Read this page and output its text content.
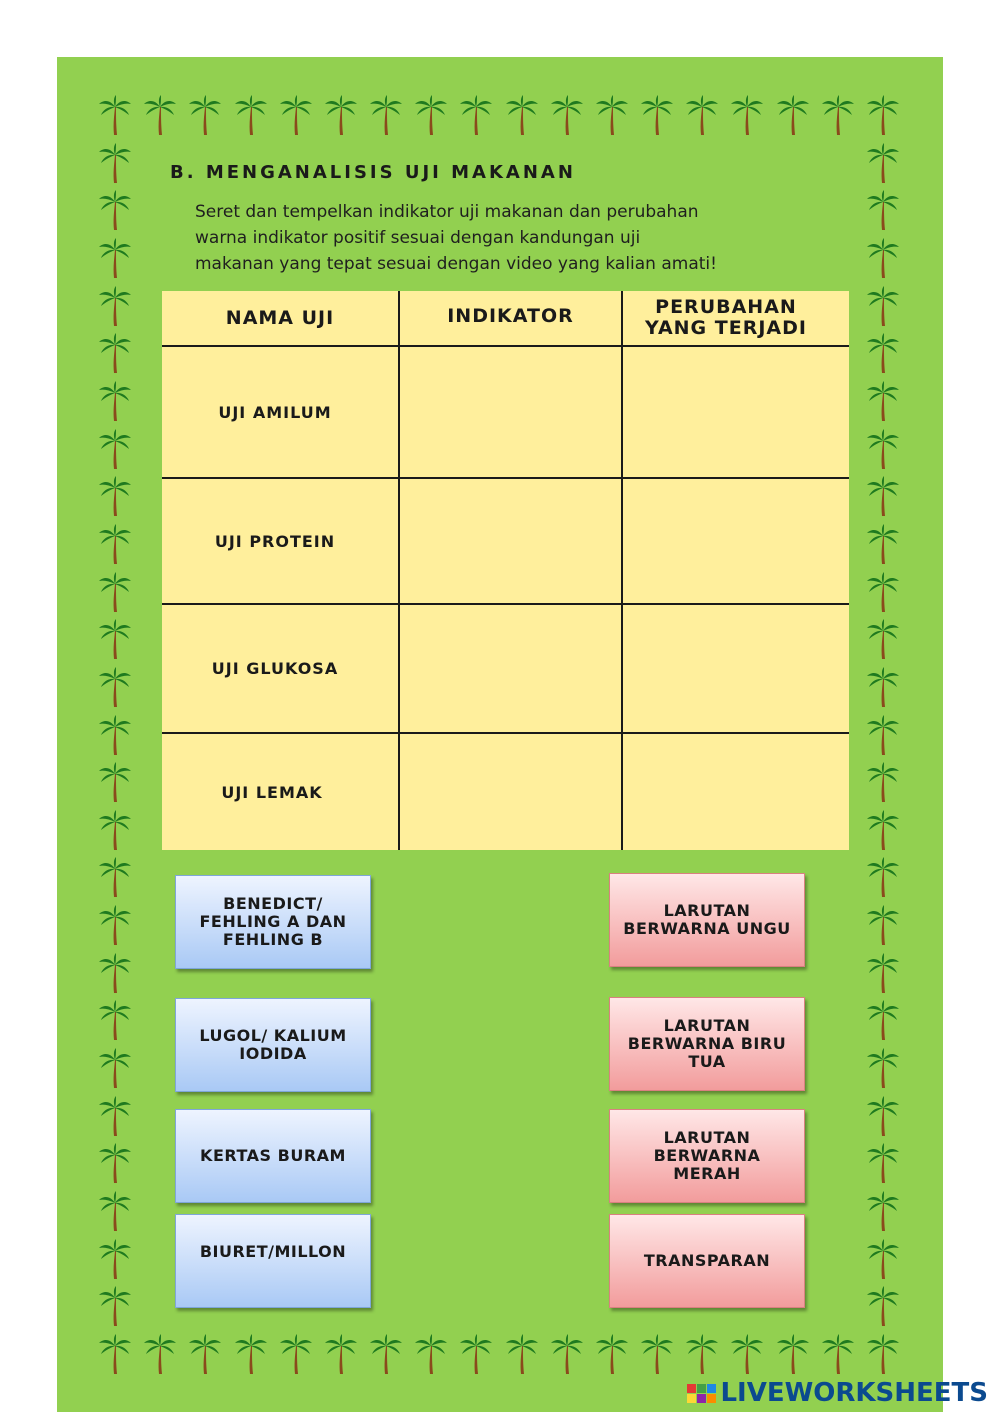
B. MENGANALISIS UJI MAKANAN
Seret dan tempelkan indikator uji makanan dan perubahan
warna indikator positif sesuai dengan kandungan uji
makanan yang tepat sesuai dengan video yang kalian amati!
NAMA UJI	INDIKATOR	PERUBAHAN YANG TERJADI
UJI AMILUM
UJI PROTEIN
UJI GLUKOSA
UJI LEMAK
BENEDICT/ FEHLING A DAN FEHLING B
LUGOL/ KALIUM IODIDA
KERTAS BURAM
BIURET/MILLON
LARUTAN BERWARNA UNGU
LARUTAN BERWARNA BIRU TUA
LARUTAN BERWARNA MERAH
TRANSPARAN
LIVEWORKSHEETS
